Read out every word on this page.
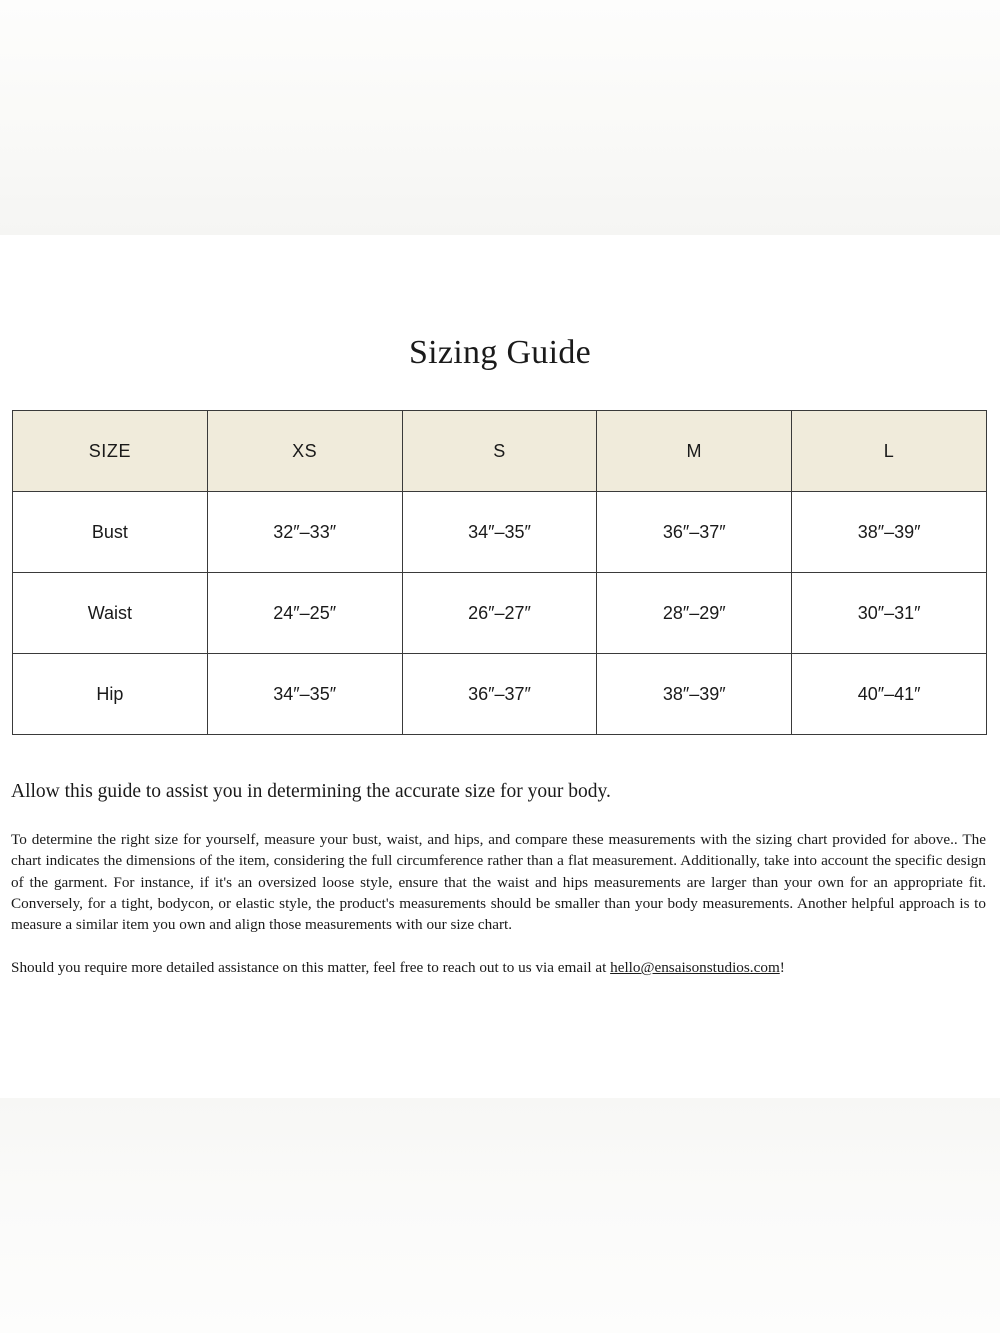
Sizing Guide
SIZE	XS	S	M	L
Bust	32″–33″	34″–35″	36″–37″	38″–39″
Waist	24″–25″	26″–27″	28″–29″	30″–31″
Hip	34″–35″	36″–37″	38″–39″	40″–41″

Allow this guide to assist you in determining the accurate size for your body.

To determine the right size for yourself, measure your bust, waist, and hips, and compare these measurements with the sizing chart provided for above.. The chart indicates the dimensions of the item, considering the full circumference rather than a flat measurement. Additionally, take into account the specific design of the garment. For instance, if it's an oversized loose style, ensure that the waist and hips measurements are larger than your own for an appropriate fit. Conversely, for a tight, bodycon, or elastic style, the product's measurements should be smaller than your body measurements. Another helpful approach is to measure a similar item you own and align those measurements with our size chart.

Should you require more detailed assistance on this matter, feel free to reach out to us via email at hello@ensaisonstudios.com!
